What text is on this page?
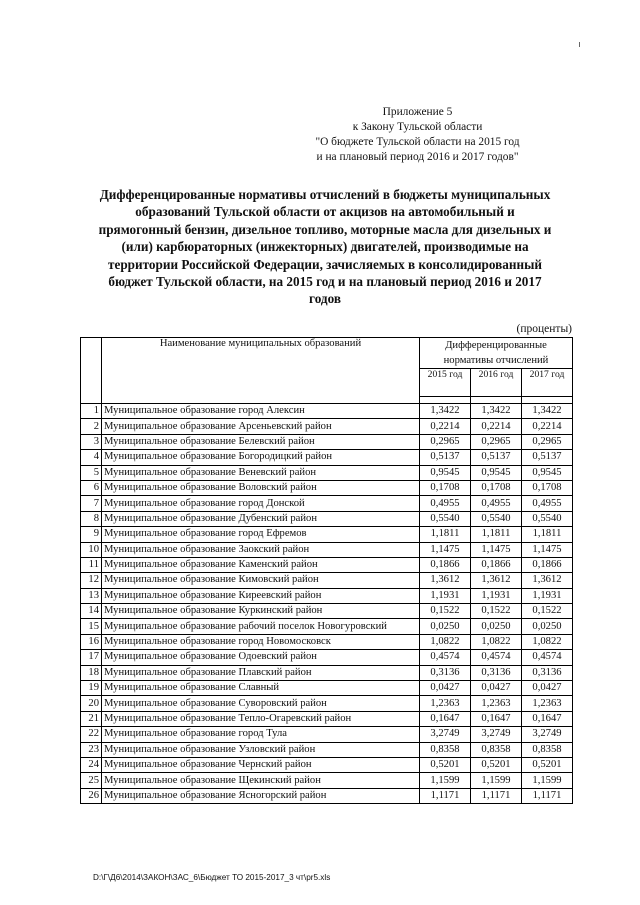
Приложение 5
к Закону Тульской области
"О бюджете Тульской области на 2015 год
и на плановый период 2016 и 2017 годов"
Дифференцированные нормативы отчислений в бюджеты муниципальных
образований Тульской области от акцизов на автомобильный и
прямогонный бензин, дизельное топливо, моторные масла для дизельных и
(или) карбюраторных (инжекторных) двигателей, производимые на
территории Российской Федерации, зачисляемых в консолидированный
бюджет Тульской области, на 2015 год и на плановый период 2016 и 2017
годов
(проценты)
	Наименование муниципальных образований	Дифференцированные
нормативы отчислений		

		2015 год	2016 год	2017 год

1	Муниципальное образование город Алексин	1,3422	1,3422	1,3422
2	Муниципальное образование Арсеньевский район	0,2214	0,2214	0,2214
3	Муниципальное образование Белевский район	0,2965	0,2965	0,2965
4	Муниципальное образование Богородицкий район	0,5137	0,5137	0,5137
5	Муниципальное образование Веневский район	0,9545	0,9545	0,9545
6	Муниципальное образование Воловский район	0,1708	0,1708	0,1708
7	Муниципальное образование город Донской	0,4955	0,4955	0,4955
8	Муниципальное образование Дубенский район	0,5540	0,5540	0,5540
9	Муниципальное образование город Ефремов	1,1811	1,1811	1,1811
10	Муниципальное образование Заокский район	1,1475	1,1475	1,1475
11	Муниципальное образование Каменский район	0,1866	0,1866	0,1866
12	Муниципальное образование Кимовский район	1,3612	1,3612	1,3612
13	Муниципальное образование Киреевский район	1,1931	1,1931	1,1931
14	Муниципальное образование Куркинский район	0,1522	0,1522	0,1522
15	Муниципальное образование рабочий поселок Новогуровский	0,0250	0,0250	0,0250
16	Муниципальное образование город Новомосковск	1,0822	1,0822	1,0822
17	Муниципальное образование Одоевский район	0,4574	0,4574	0,4574
18	Муниципальное образование Плавский район	0,3136	0,3136	0,3136
19	Муниципальное образование Славный	0,0427	0,0427	0,0427
20	Муниципальное образование Суворовский район	1,2363	1,2363	1,2363
21	Муниципальное образование Тепло-Огаревский район	0,1647	0,1647	0,1647
22	Муниципальное образование город Тула	3,2749	3,2749	3,2749
23	Муниципальное образование Узловский район	0,8358	0,8358	0,8358
24	Муниципальное образование Чернский район	0,5201	0,5201	0,5201
25	Муниципальное образование Щекинский район	1,1599	1,1599	1,1599
26	Муниципальное образование Ясногорский район	1,1171	1,1171	1,1171
D:\Г\Д6\2014\ЗАКОН\ЗАС_6\Бюджет ТО 2015-2017_3 чт\pr5.xls
